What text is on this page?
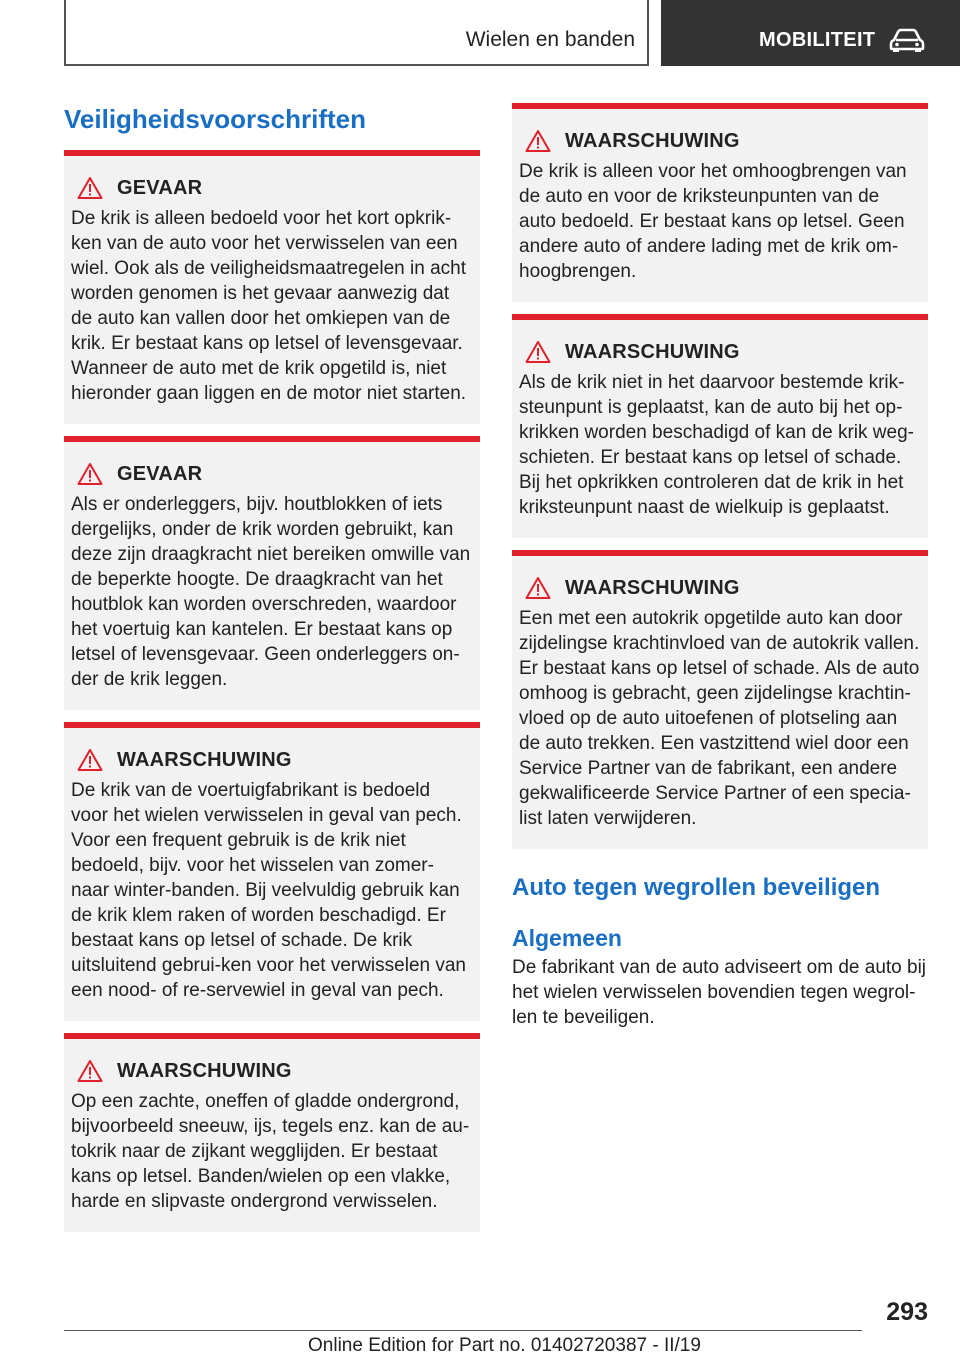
Wielen en banden	MOBILITEIT
Veiligheidsvoorschriften
GEVAAR
De krik is alleen bedoeld voor het kort opkrik-ken van de auto voor het verwisselen van een wiel. Ook als de veiligheidsmaatregelen in acht worden genomen is het gevaar aanwezig dat de auto kan vallen door het omkiepen van de krik. Er bestaat kans op letsel of levensgevaar. Wanneer de auto met de krik opgetild is, niet hieronder gaan liggen en de motor niet starten.
GEVAAR
Als er onderleggers, bijv. houtblokken of iets dergelijks, onder de krik worden gebruikt, kan deze zijn draagkracht niet bereiken omwille van de beperkte hoogte. De draagkracht van het houtblok kan worden overschreden, waardoor het voertuig kan kantelen. Er bestaat kans op letsel of levensgevaar. Geen onderleggers on-der de krik leggen.
WAARSCHUWING
De krik van de voertuigfabrikant is bedoeld voor het wielen verwisselen in geval van pech. Voor een frequent gebruik is de krik niet bedoeld, bijv. voor het wisselen van zomer- naar winter-banden. Bij veelvuldig gebruik kan de krik klem raken of worden beschadigd. Er bestaat kans op letsel of schade. De krik uitsluitend gebrui-ken voor het verwisselen van een nood- of re-servewiel in geval van pech.
WAARSCHUWING
Op een zachte, oneffen of gladde ondergrond, bijvoorbeeld sneeuw, ijs, tegels enz. kan de au-tokrik naar de zijkant wegglijden. Er bestaat kans op letsel. Banden/wielen op een vlakke, harde en slipvaste ondergrond verwisselen.
WAARSCHUWING
De krik is alleen voor het omhoogbrengen van de auto en voor de kriksteunpunten van de auto bedoeld. Er bestaat kans op letsel. Geen andere auto of andere lading met de krik om-hoogbrengen.
WAARSCHUWING
Als de krik niet in het daarvoor bestemde krik-steunpunt is geplaatst, kan de auto bij het op-krikken worden beschadigd of kan de krik weg-schieten. Er bestaat kans op letsel of schade. Bij het opkrikken controleren dat de krik in het kriksteunpunt naast de wielkuip is geplaatst.
WAARSCHUWING
Een met een autokrik opgetilde auto kan door zijdelingse krachtinvloed van de autokrik vallen. Er bestaat kans op letsel of schade. Als de auto omhoog is gebracht, geen zijdelingse krachtin-vloed op de auto uitoefenen of plotseling aan de auto trekken. Een vastzittend wiel door een Service Partner van de fabrikant, een andere gekwalificeerde Service Partner of een specia-list laten verwijderen.
Auto tegen wegrollen beveiligen
Algemeen
De fabrikant van de auto adviseert om de auto bij het wielen verwisselen bovendien tegen wegrol-len te beveiligen.
293
Online Edition for Part no. 01402720387 - II/19
